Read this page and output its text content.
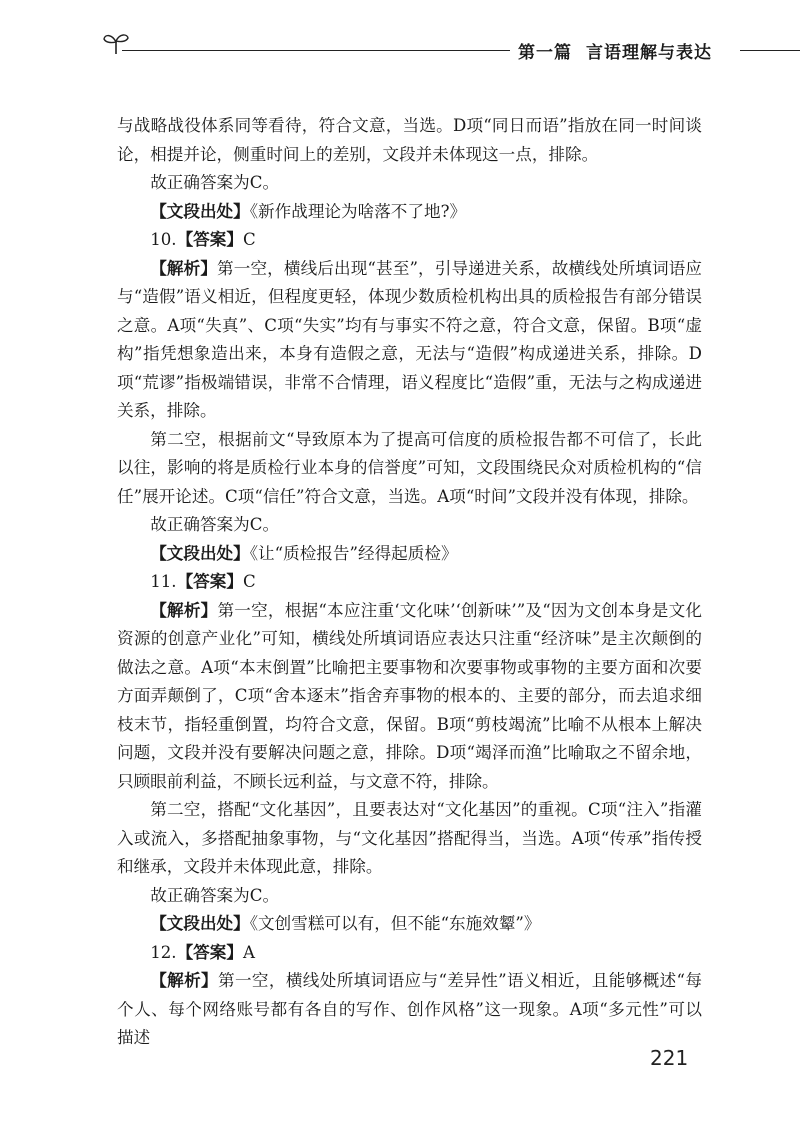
第一篇 言语理解与表达

与战略战役体系同等看待，符合文意，当选。D项“同日而语”指放在同一时间谈论，相提并论，侧重时间上的差别，文段并未体现这一点，排除。

故正确答案为C。

【文段出处】《新作战理论为啥落不了地?》

10.【答案】C

【解析】第一空，横线后出现“甚至”，引导递进关系，故横线处所填词语应与“造假”语义相近，但程度更轻，体现少数质检机构出具的质检报告有部分错误之意。A项“失真”、C项“失实”均有与事实不符之意，符合文意，保留。B项“虚构”指凭想象造出来，本身有造假之意，无法与“造假”构成递进关系，排除。D项“荒谬”指极端错误，非常不合情理，语义程度比“造假”重，无法与之构成递进关系，排除。

第二空，根据前文“导致原本为了提高可信度的质检报告都不可信了，长此以往，影响的将是质检行业本身的信誉度”可知，文段围绕民众对质检机构的“信任”展开论述。C项“信任”符合文意，当选。A项“时间”文段并没有体现，排除。

故正确答案为C。

【文段出处】《让“质检报告”经得起质检》

11.【答案】C

【解析】第一空，根据“本应注重‘文化味’‘创新味’”及“因为文创本身是文化资源的创意产业化”可知，横线处所填词语应表达只注重“经济味”是主次颠倒的做法之意。A项“本末倒置”比喻把主要事物和次要事物或事物的主要方面和次要方面弄颠倒了，C项“舍本逐末”指舍弃事物的根本的、主要的部分，而去追求细枝末节，指轻重倒置，均符合文意，保留。B项“剪枝竭流”比喻不从根本上解决问题，文段并没有要解决问题之意，排除。D项“竭泽而渔”比喻取之不留余地，只顾眼前利益，不顾长远利益，与文意不符，排除。

第二空，搭配“文化基因”，且要表达对“文化基因”的重视。C项“注入”指灌入或流入，多搭配抽象事物，与“文化基因”搭配得当，当选。A项“传承”指传授和继承，文段并未体现此意，排除。

故正确答案为C。

【文段出处】《文创雪糕可以有，但不能“东施效颦”》

12.【答案】A

【解析】第一空，横线处所填词语应与“差异性”语义相近，且能够概述“每个人、每个网络账号都有各自的写作、创作风格”这一现象。A项“多元性”可以描述

221
